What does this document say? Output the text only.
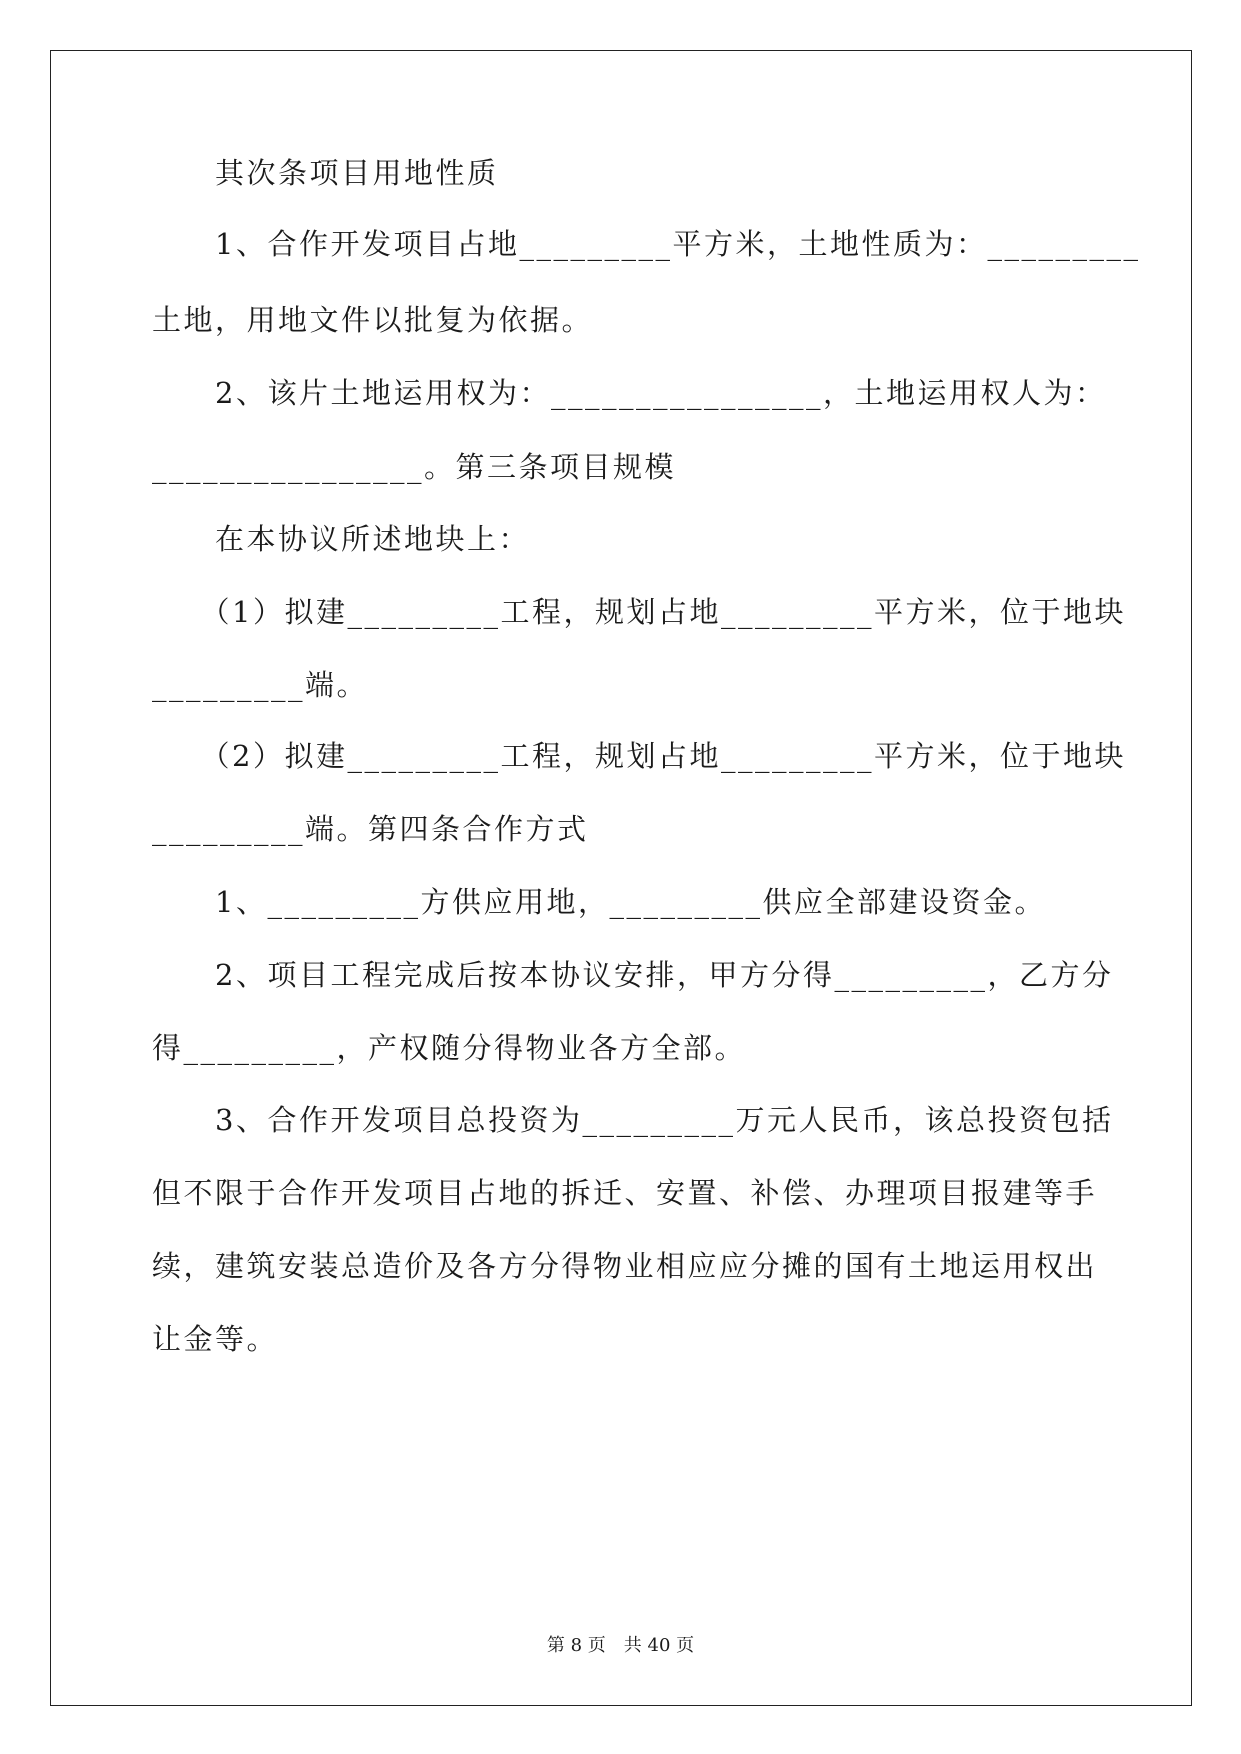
　　其次条项目用地性质
　　1、合作开发项目占地_________平方米，土地性质为：_________
土地，用地文件以批复为依据。
　　2、该片土地运用权为：________________，土地运用权人为：
________________。第三条项目规模
　　在本协议所述地块上：
　　（1）拟建_________工程，规划占地_________平方米，位于地块
_________端。
　　（2）拟建_________工程，规划占地_________平方米，位于地块
_________端。第四条合作方式
　　1、_________方供应用地，_________供应全部建设资金。
　　2、项目工程完成后按本协议安排，甲方分得_________，乙方分
得_________，产权随分得物业各方全部。
　　3、合作开发项目总投资为_________万元人民币，该总投资包括
但不限于合作开发项目占地的拆迁、安置、补偿、办理项目报建等手
续，建筑安装总造价及各方分得物业相应应分摊的国有土地运用权出
让金等。
第 8 页　共 40 页
